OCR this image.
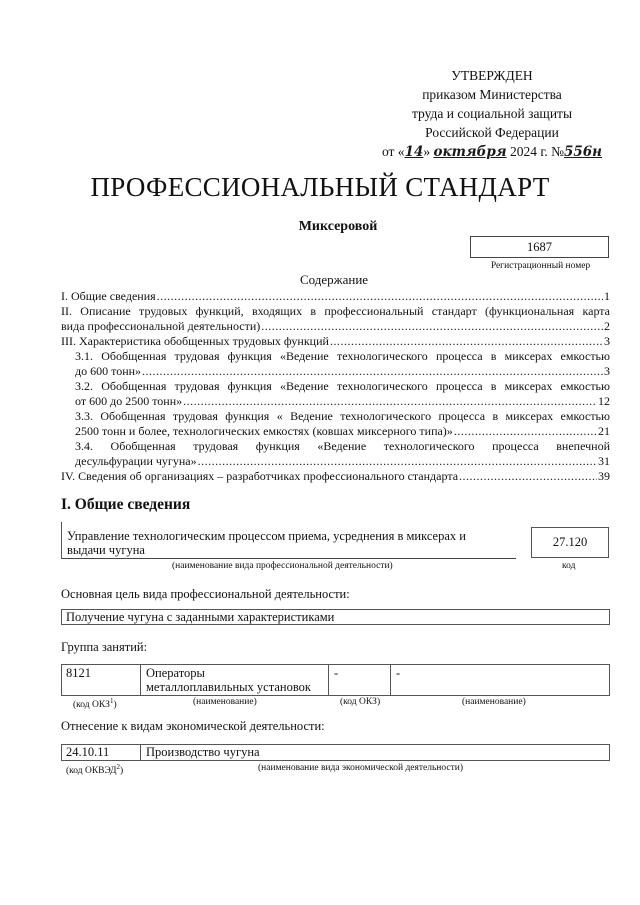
УТВЕРЖДЕН
приказом Министерства
труда и социальной защиты
Российской Федерации
от «14» октября 2024 г. №556н
ПРОФЕССИОНАЛЬНЫЙ СТАНДАРТ
Миксеровой
1687
Регистрационный номер
Содержание
I. Общие сведения .....	1
II. Описание трудовых функций, входящих в профессиональный стандарт (функциональная карта
вида профессиональной деятельности) .....	2
III. Характеристика обобщенных трудовых функций .....	3
3.1. Обобщенная трудовая функция «Ведение технологического процесса в миксерах емкостью
до 600 тонн» .....	3
3.2. Обобщенная трудовая функция «Ведение технологического процесса в миксерах емкостью
от 600 до 2500 тонн» .....	12
3.3. Обобщенная трудовая функция « Ведение технологического процесса в миксерах емкостью
2500 тонн и более, технологических емкостях (ковшах миксерного типа)» .....	21
3.4. Обобщенная трудовая функция «Ведение технологического процесса внепечной
десульфурации чугуна» .....	31
IV. Сведения об организациях – разработчиках профессионального стандарта .....	39
I. Общие сведения
Управление технологическим процессом приема, усреднения в миксерах и
выдачи чугуна
(наименование вида профессиональной деятельности)
27.120
код
Основная цель вида профессиональной деятельности:
Получение чугуна с заданными характеристиками
Группа занятий:
8121	Операторы
металлоплавильных установок
-	-
(код ОКЗ$^1$)	(наименование)	(код ОКЗ)	(наименование)
Отнесение к видам экономической деятельности:
24.10.11	Производство чугуна
(код ОКВЭД$^2$)	(наименование вида экономической деятельности)
